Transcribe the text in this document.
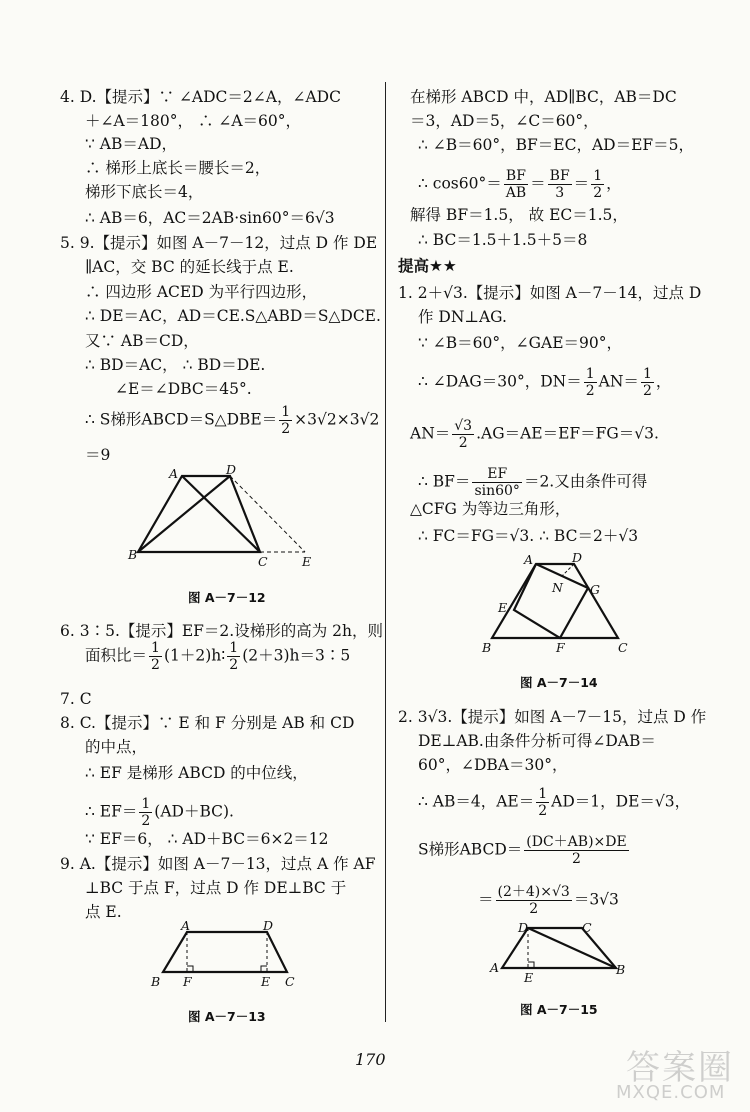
4. D.【提示】∵ ∠ADC＝2∠A，∠ADC
＋∠A＝180°， ∴ ∠A＝60°，
∵ AB＝AD，
∴ 梯形上底长＝腰长＝2，
梯形下底长＝4，
∴ AB＝6，AC＝2AB·sin60°＝6√3
5. 9.【提示】如图 A－7－12，过点 D 作 DE
∥AC，交 BC 的延长线于点 E.
∴ 四边形 ACED 为平行四边形，
∴ DE＝AC，AD＝CE.S△ABD＝S△DCE.
又∵ AB＝CD，
∴ BD＝AC， ∴ BD＝DE.
∠E＝∠DBC＝45°.
∴ S梯形ABCD＝S△DBE＝ $\frac{1}{2} \times 3√2\times 3√2$
＝9
A	D
B	C	E
图 A－7－12
6. 3∶5.【提示】EF＝2.设梯形的高为 2h，则
面积比＝ $\frac{1}{2}$ (1＋2)h∶ $\frac{1}{2}$ (2＋3)h＝3∶5
7. C
8. C.【提示】∵ E 和 F 分别是 AB 和 CD
的中点，
∴ EF 是梯形 ABCD 的中位线，
∴ $EF= \frac{1}{2} (AD+BC)$.
∵ EF＝6， ∴ AD＋BC＝6×2＝12
9. A.【提示】如图 A－7－13，过点 A 作 AF
⊥BC 于点 F，过点 D 作 DE⊥BC 于
点 E.
A	D
B F	E C
图 A－7－13
在梯形 ABCD 中，AD∥BC，AB＝DC
＝3，AD＝5，∠C＝60°，
∴ ∠B＝60°，BF＝EC，AD＝EF＝5，
∴ $\cos 60^\circ= \frac{BF}{AB} = \frac{BF}{3} = \frac{1}{2}$ ，
解得 BF＝1.5， 故 EC＝1.5，
∴ BC＝1.5＋1.5＋5＝8
提高★★
1. 2＋√3.【提示】如图 A－7－14，过点 D
作 DN⊥AG.
∵ ∠B＝60°，∠GAE＝90°，
∴ ∠DAG＝30°，$DN= \frac{1}{2} AN= \frac{1}{2}$ ，
$AN= \frac{√3}{2} .AG=AE=EF=FG=√3$.
∴ $BF= \frac{EF}{\sin 60^\circ} =2$.又由条件可得
△CFG 为等边三角形，
∴ FC＝FG＝√3. ∴ BC＝2＋√3
A	D
N G
E
B	F	C
图 A－7－14
2. 3√3.【提示】如图 A－7－15，过点 D 作
DE⊥AB.由条件分析可得∠DAB＝
60°，∠DBA＝30°，
∴ AB＝4，$AE= \frac{1}{2} AD=1$，DE＝√3，
S梯形ABCD＝ $\frac{(DC+AB)\times DE}{2}$
＝ $\frac{(2+4)\times√3}{2} =3√3$
D	C
A
E
B
图 A－7－15
170	答案圈
MXQE.COM
